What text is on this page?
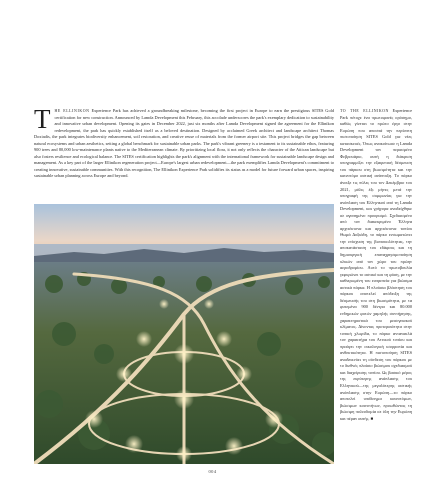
T	HE ELLINIKON Experience Park has achieved a groundbreaking milestone, becoming the first project in Europe to earn the prestigious SITES Gold certification for new construction. Announced by Lamda Development this February, this accolade underscores the park's exemplary dedication to sustainability and innovative urban development. Opening its gates in December 2022, just six months after Lamda Development signed the agreement for the Ellinikon redevelopment, the park has quickly established itself as a beloved destination. Designed by acclaimed Greek architect and landscape architect Thomas Doxiadis, the park integrates biodiversity enhancement, soil restoration, and creative reuse of materials from the former airport site. This project bridges the gap between natural ecosystems and urban aesthetics, setting a global benchmark for sustainable urban parks. The park's vibrant greenery is a testament to its sustainable ethos, featuring 900 trees and 80,000 low-maintenance plants native to the Mediterranean climate. By prioritizing local flora, it not only reflects the character of the Attican landscape but also fosters resilience and ecological balance. The SITES certification highlights the park's alignment with the international framework for sustainable landscape design and management. As a key part of the larger Ellinikon regeneration project—Europe's largest urban redevelopment—the park exemplifies Lamda Development's commitment to creating innovative, sustainable communities. With this recognition, The Ellinikon Experience Park solidifies its status as a model for future forward urban spaces, inspiring sustainable urban planning across Europe and beyond.

ΤΟ THE ELLINIKON Experience Park πέτυχε ένα πρωτοφανές ορόσημο, καθώς γίνεται το πρώτο έργο στην Ευρώπη που αποσπά την περίοπτη πιστοποίηση SITES Gold για νέες κατασκευές. Όπως ανακοίνωσε η Lamda Development τον περασμένο Φεβρουάριο, αυτή η διάκριση υπογραμμίζει την εξαιρετική δέσμευση του πάρκου στη βιωσιμότητα και την καινοτόμο αστική ανάπτυξη. Το πάρκο άνοιξε τις πύλες του τον Δεκέμβριο του 2021, μόλις έξι μήνες μετά την υπογραφή της συμφωνίας για την ανάπλαση του Ελληνικού από τη Lamda Development, και γρήγορα αναδείχθηκε σε αγαπημένο προορισμό. Σχεδιασμένο από τον διακεκριμένο Έλληνα αρχιτέκτονα και αρχιτέκτονα τοπίου Θωμά Δοξιάδη, το πάρκο ενσωματώνει την ενίσχυση της βιοποικιλότητας, την αποκατάσταση του εδάφους και τη δημιουργική επαναχρησιμοποίηση υλικών από τον χώρο του πρώην αεροδρομίου. Αυτό το πρωτοβουλία γεφυρώνει το αστικό και τη φύση, με την καθιερωμένη του ευπρεπεία για βιώσιμα αστικά πάρκα. Η πλούσια βλάστηση του πάρκου αποτελεί απόδειξη της δέσμευσής του στη βιωσιμότητα, με τα φυτεμένα 900 δέντρα και 80.000 ενδημικών φυτών χαμηλής συντήρησης, χαρακτηριστικά του μεσογειακού κλίματος. Δίνοντας προτεραιότητα στην τοπική χλωρίδα, το πάρκο αντανακλά τον χαρακτήρα του Αττικού τοπίου και προάγει την οικολογική ισορροπία και ανθεκτικότητα. Η πιστοποίηση SITES αναδεικνύει τη σύνδεση του πάρκου με το διεθνές πλαίσιο βιώσιμου σχεδιασμού και διαχείρισης τοπίου. Ως βασικό μέρος της ευρύτερης ανάπλασης του Ελληνικού—της μεγαλύτερης αστικής ανάπλασης στην Ευρώπη—το πάρκο αποτελεί υπόδειγμα καινοτόμων, βιώσιμων κοινοτήτων, προωθώντας τη βιώσιμη πολεοδομία σε όλη την Ευρώπη και πέραν αυτής. ■

004
